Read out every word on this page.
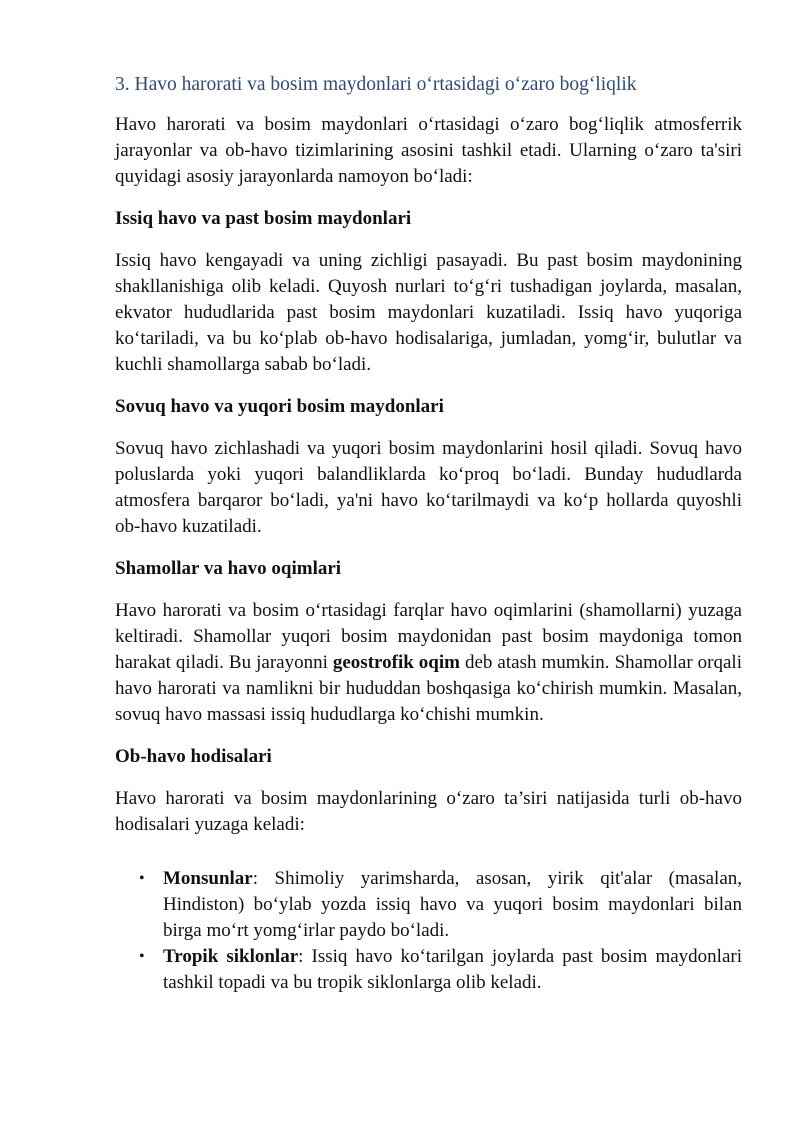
3. Havo harorati va bosim maydonlari o‘rtasidagi o‘zaro bog‘liqlik

Havo harorati va bosim maydonlari o‘rtasidagi o‘zaro bog‘liqlik atmosferrik jarayonlar va ob-havo tizimlarining asosini tashkil etadi. Ularning o‘zaro ta'siri quyidagi asosiy jarayonlarda namoyon bo‘ladi:

Issiq havo va past bosim maydonlari

Issiq havo kengayadi va uning zichligi pasayadi. Bu past bosim maydonining shakllanishiga olib keladi. Quyosh nurlari to‘g‘ri tushadigan joylarda, masalan, ekvator hududlarida past bosim maydonlari kuzatiladi. Issiq havo yuqoriga ko‘tariladi, va bu ko‘plab ob-havo hodisalariga, jumladan, yomg‘ir, bulutlar va kuchli shamollarga sabab bo‘ladi.

Sovuq havo va yuqori bosim maydonlari

Sovuq havo zichlashadi va yuqori bosim maydonlarini hosil qiladi. Sovuq havo poluslarda yoki yuqori balandliklarda ko‘proq bo‘ladi. Bunday hududlarda atmosfera barqaror bo‘ladi, ya'ni havo ko‘tarilmaydi va ko‘p hollarda quyoshli ob-havo kuzatiladi.

Shamollar va havo oqimlari

Havo harorati va bosim o‘rtasidagi farqlar havo oqimlarini (shamollarni) yuzaga keltiradi. Shamollar yuqori bosim maydonidan past bosim maydoniga tomon harakat qiladi. Bu jarayonni geostrofik oqim deb atash mumkin. Shamollar orqali havo harorati va namlikni bir hududdan boshqasiga ko‘chirish mumkin. Masalan, sovuq havo massasi issiq hududlarga ko‘chishi mumkin.

Ob-havo hodisalari

Havo harorati va bosim maydonlarining o‘zaro ta’siri natijasida turli ob-havo hodisalari yuzaga keladi:

• Monsunlar: Shimoliy yarimsharda, asosan, yirik qit'alar (masalan, Hindiston) bo‘ylab yozda issiq havo va yuqori bosim maydonlari bilan birga mo‘rt yomg‘irlar paydo bo‘ladi.
• Tropik siklonlar: Issiq havo ko‘tarilgan joylarda past bosim maydonlari tashkil topadi va bu tropik siklonlarga olib keladi.
